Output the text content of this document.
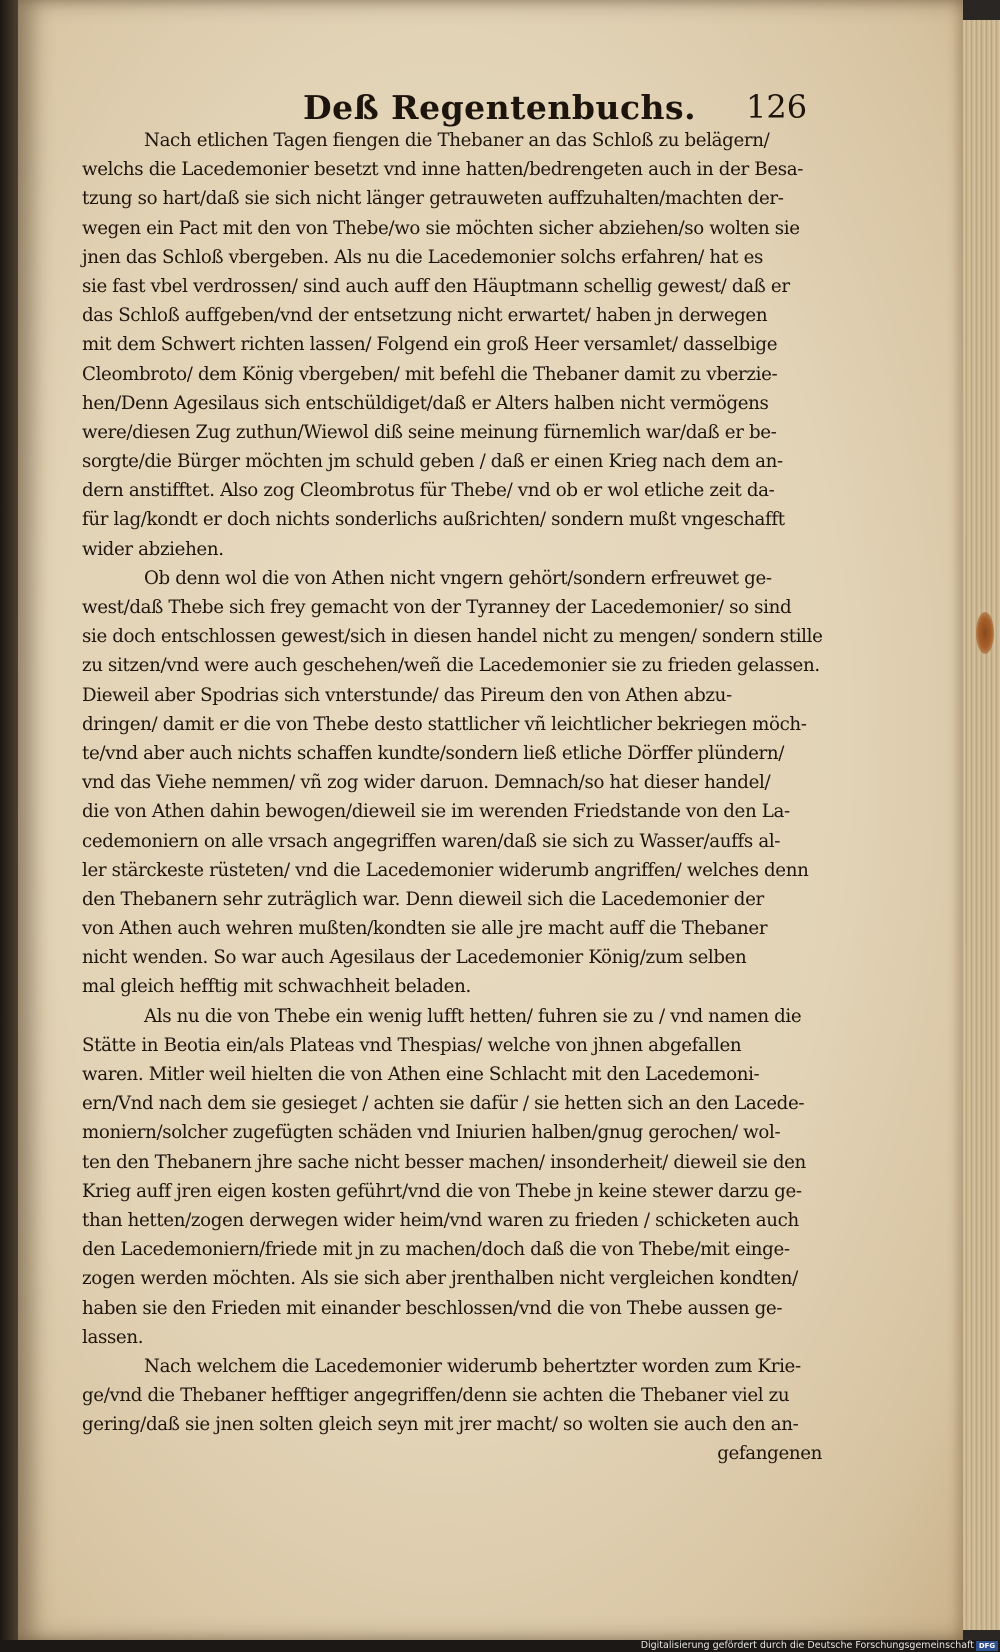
Deß Regentenbuchs. 126
Nach etlichen Tagen fiengen die Thebaner an das Schloß zu belägern/
welchs die Lacedemonier besetzt vnd inne hatten/bedrengeten auch in der Besa-
tzung so hart/daß sie sich nicht länger getrauweten auffzuhalten/machten der-
wegen ein Pact mit den von Thebe/wo sie möchten sicher abziehen/so wolten sie
jnen das Schloß vbergeben. Als nu die Lacedemonier solchs erfahren/ hat es
sie fast vbel verdrossen/ sind auch auff den Häuptmann schellig gewest/ daß er
das Schloß auffgeben/vnd der entsetzung nicht erwartet/ haben jn derwegen
mit dem Schwert richten lassen/ Folgend ein groß Heer versamlet/ dasselbige
Cleombroto/ dem König vbergeben/ mit befehl die Thebaner damit zu vberzie-
hen/Denn Agesilaus sich entschüldiget/daß er Alters halben nicht vermögens
were/diesen Zug zuthun/Wiewol diß seine meinung fürnemlich war/daß er be-
sorgte/die Bürger möchten jm schuld geben / daß er einen Krieg nach dem an-
dern anstifftet. Also zog Cleombrotus für Thebe/ vnd ob er wol etliche zeit da-
für lag/kondt er doch nichts sonderlichs außrichten/ sondern mußt vngeschafft
wider abziehen.
Ob denn wol die von Athen nicht vngern gehört/sondern erfreuwet ge-
west/daß Thebe sich frey gemacht von der Tyranney der Lacedemonier/ so sind
sie doch entschlossen gewest/sich in diesen handel nicht zu mengen/ sondern stille
zu sitzen/vnd were auch geschehen/weñ die Lacedemonier sie zu frieden gelassen.
Dieweil aber Spodrias sich vnterstunde/ das Pireum den von Athen abzu-
dringen/ damit er die von Thebe desto stattlicher vñ leichtlicher bekriegen möch-
te/vnd aber auch nichts schaffen kundte/sondern ließ etliche Dörffer plündern/
vnd das Viehe nemmen/ vñ zog wider daruon. Demnach/so hat dieser handel/
die von Athen dahin bewogen/dieweil sie im werenden Friedstande von den La-
cedemoniern on alle vrsach angegriffen waren/daß sie sich zu Wasser/auffs al-
ler stärckeste rüsteten/ vnd die Lacedemonier widerumb angriffen/ welches denn
den Thebanern sehr zuträglich war. Denn dieweil sich die Lacedemonier der
von Athen auch wehren mußten/kondten sie alle jre macht auff die Thebaner
nicht wenden. So war auch Agesilaus der Lacedemonier König/zum selben
mal gleich hefftig mit schwachheit beladen.
Als nu die von Thebe ein wenig lufft hetten/ fuhren sie zu / vnd namen die
Stätte in Beotia ein/als Plateas vnd Thespias/ welche von jhnen abgefallen
waren. Mitler weil hielten die von Athen eine Schlacht mit den Lacedemoni-
ern/Vnd nach dem sie gesieget / achten sie dafür / sie hetten sich an den Lacede-
moniern/solcher zugefügten schäden vnd Iniurien halben/gnug gerochen/ wol-
ten den Thebanern jhre sache nicht besser machen/ insonderheit/ dieweil sie den
Krieg auff jren eigen kosten geführt/vnd die von Thebe jn keine stewer darzu ge-
than hetten/zogen derwegen wider heim/vnd waren zu frieden / schicketen auch
den Lacedemoniern/friede mit jn zu machen/doch daß die von Thebe/mit einge-
zogen werden möchten. Als sie sich aber jrenthalben nicht vergleichen kondten/
haben sie den Frieden mit einander beschlossen/vnd die von Thebe aussen ge-
lassen.
Nach welchem die Lacedemonier widerumb behertzter worden zum Krie-
ge/vnd die Thebaner hefftiger angegriffen/denn sie achten die Thebaner viel zu
gering/daß sie jnen solten gleich seyn mit jrer macht/ so wolten sie auch den an-
gefangenen
Digitalisierung gefördert durch die Deutsche Forschungsgemeinschaft DFG
